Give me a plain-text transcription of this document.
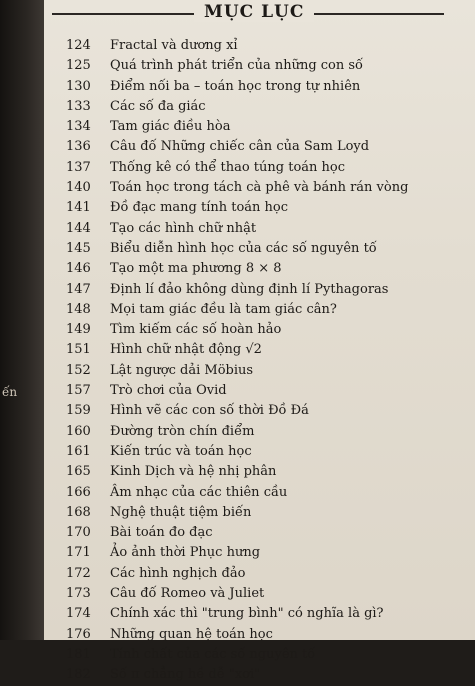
ến
MỤC LỤC
124	Fractal và dương xỉ
125	Quá trình phát triển của những con số
130	Điểm nối ba – toán học trong tự nhiên
133	Các số đa giác
134	Tam giác điều hòa
136	Câu đố Những chiếc cân của Sam Loyd
137	Thống kê có thể thao túng toán học
140	Toán học trong tách cà phê và bánh rán vòng
141	Đồ đạc mang tính toán học
144	Tạo các hình chữ nhật
145	Biểu diễn hình học của các số nguyên tố
146	Tạo một ma phương 8 × 8
147	Định lí đảo không dùng định lí Pythagoras
148	Mọi tam giác đều là tam giác cân?
149	Tìm kiếm các số hoàn hảo
151	Hình chữ nhật động √2
152	Lật ngược dải Möbius
157	Trò chơi của Ovid
159	Hình vẽ các con số thời Đồ Đá
160	Đường tròn chín điểm
161	Kiến trúc và toán học
165	Kinh Dịch và hệ nhị phân
166	Âm nhạc của các thiên cầu
168	Nghệ thuật tiệm biến
170	Bài toán đo đạc
171	Ảo ảnh thời Phục hưng
172	Các hình nghịch đảo
173	Câu đố Romeo và Juliet
174	Chính xác thì "trung bình" có nghĩa là gì?
176	Những quan hệ toán học
181	Tính chất của các số nguyên tố
182	Số π chẳng hề dễ "xơi"
